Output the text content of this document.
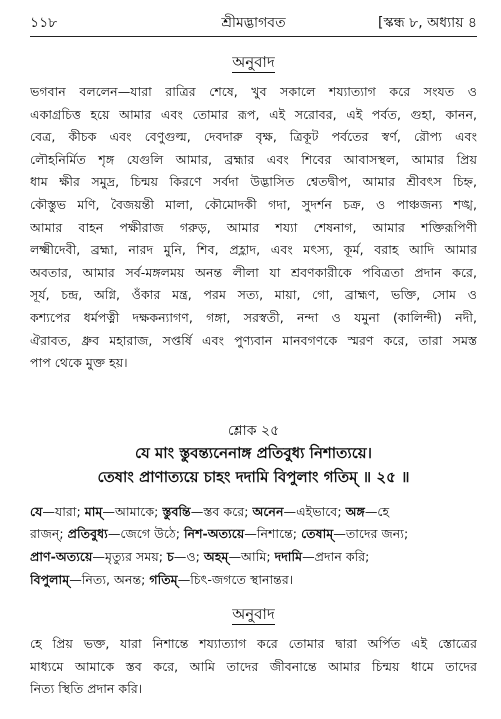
১১৮	শ্রীমদ্ভাগবত	[স্কন্ধ ৮, অধ্যায় ৪
অনুবাদ
ভগবান বললেন—যারা রাত্রির শেষে, খুব সকালে শয্যাত্যাগ করে সংযত ও
একাগ্রচিত্ত হয়ে আমার এবং তোমার রূপ, এই সরোবর, এই পর্বত, গুহা, কানন,
বেত্র, কীচক এবং বেণুগুল্ম, দেবদারু বৃক্ষ, ত্রিকূট পর্বতের স্বর্ণ, রৌপ্য এবং
লৌহনির্মিত শৃঙ্গ যেগুলি আমার, ব্রহ্মার এবং শিবের আবাসস্থল, আমার প্রিয়
ধাম ক্ষীর সমুদ্র, চিন্ময় কিরণে সর্বদা উদ্ভাসিত শ্বেতদ্বীপ, আমার শ্রীবৎস চিহ্ন,
কৌস্তুভ মণি, বৈজয়ন্তী মালা, কৌমোদকী গদা, সুদর্শন চক্র, ও পাঞ্চজন্য শঙ্খ,
আমার বাহন পক্ষীরাজ গরুড়, আমার শয্যা শেষনাগ, আমার শক্তিরূপিণী
লক্ষ্মীদেবী, ব্রহ্মা, নারদ মুনি, শিব, প্রহ্লাদ, এবং মৎস্য, কূর্ম, বরাহ আদি আমার
অবতার, আমার সর্ব-মঙ্গলময় অনন্ত লীলা যা শ্রবণকারীকে পবিত্রতা প্রদান করে,
সূর্য, চন্দ্র, অগ্নি, ওঁকার মন্ত্র, পরম সত্য, মায়া, গো, ব্রাহ্মণ, ভক্তি, সোম ও
কশ্যপের ধর্মপত্নী দক্ষকন্যাগণ, গঙ্গা, সরস্বতী, নন্দা ও যমুনা (কালিন্দী) নদী,
ঐরাবত, ধ্রুব মহারাজ, সপ্তর্ষি এবং পুণ্যবান মানবগণকে স্মরণ করে, তারা সমস্ত
পাপ থেকে মুক্ত হয়।
শ্লোক ২৫
যে মাং স্তুবন্ত্যনেনাঙ্গ প্রতিবুধ্য নিশাত্যয়ে।
তেষাং প্রাণাত্যয়ে চাহং দদামি বিপুলাং গতিম্ ॥ ২৫ ॥
যে—যারা; মাম্—আমাকে; স্তুবন্তি—স্তব করে; অনেন—এইভাবে; অঙ্গ—হে
রাজন্; প্রতিবুধ্য—জেগে উঠে; নিশ-অত্যয়ে—নিশান্তে; তেষাম্—তাদের জন্য;
প্রাণ-অত্যয়ে—মৃত্যুর সময়; চ—ও; অহম্—আমি; দদামি—প্রদান করি;
বিপুলাম্—নিত্য, অনন্ত; গতিম্—চিৎ-জগতে স্থানান্তর।
অনুবাদ
হে প্রিয় ভক্ত, যারা নিশান্তে শয্যাত্যাগ করে তোমার দ্বারা অর্পিত এই স্তোত্রের
মাধ্যমে আমাকে স্তব করে, আমি তাদের জীবনান্তে আমার চিন্ময় ধামে তাদের
নিত্য স্থিতি প্রদান করি।
